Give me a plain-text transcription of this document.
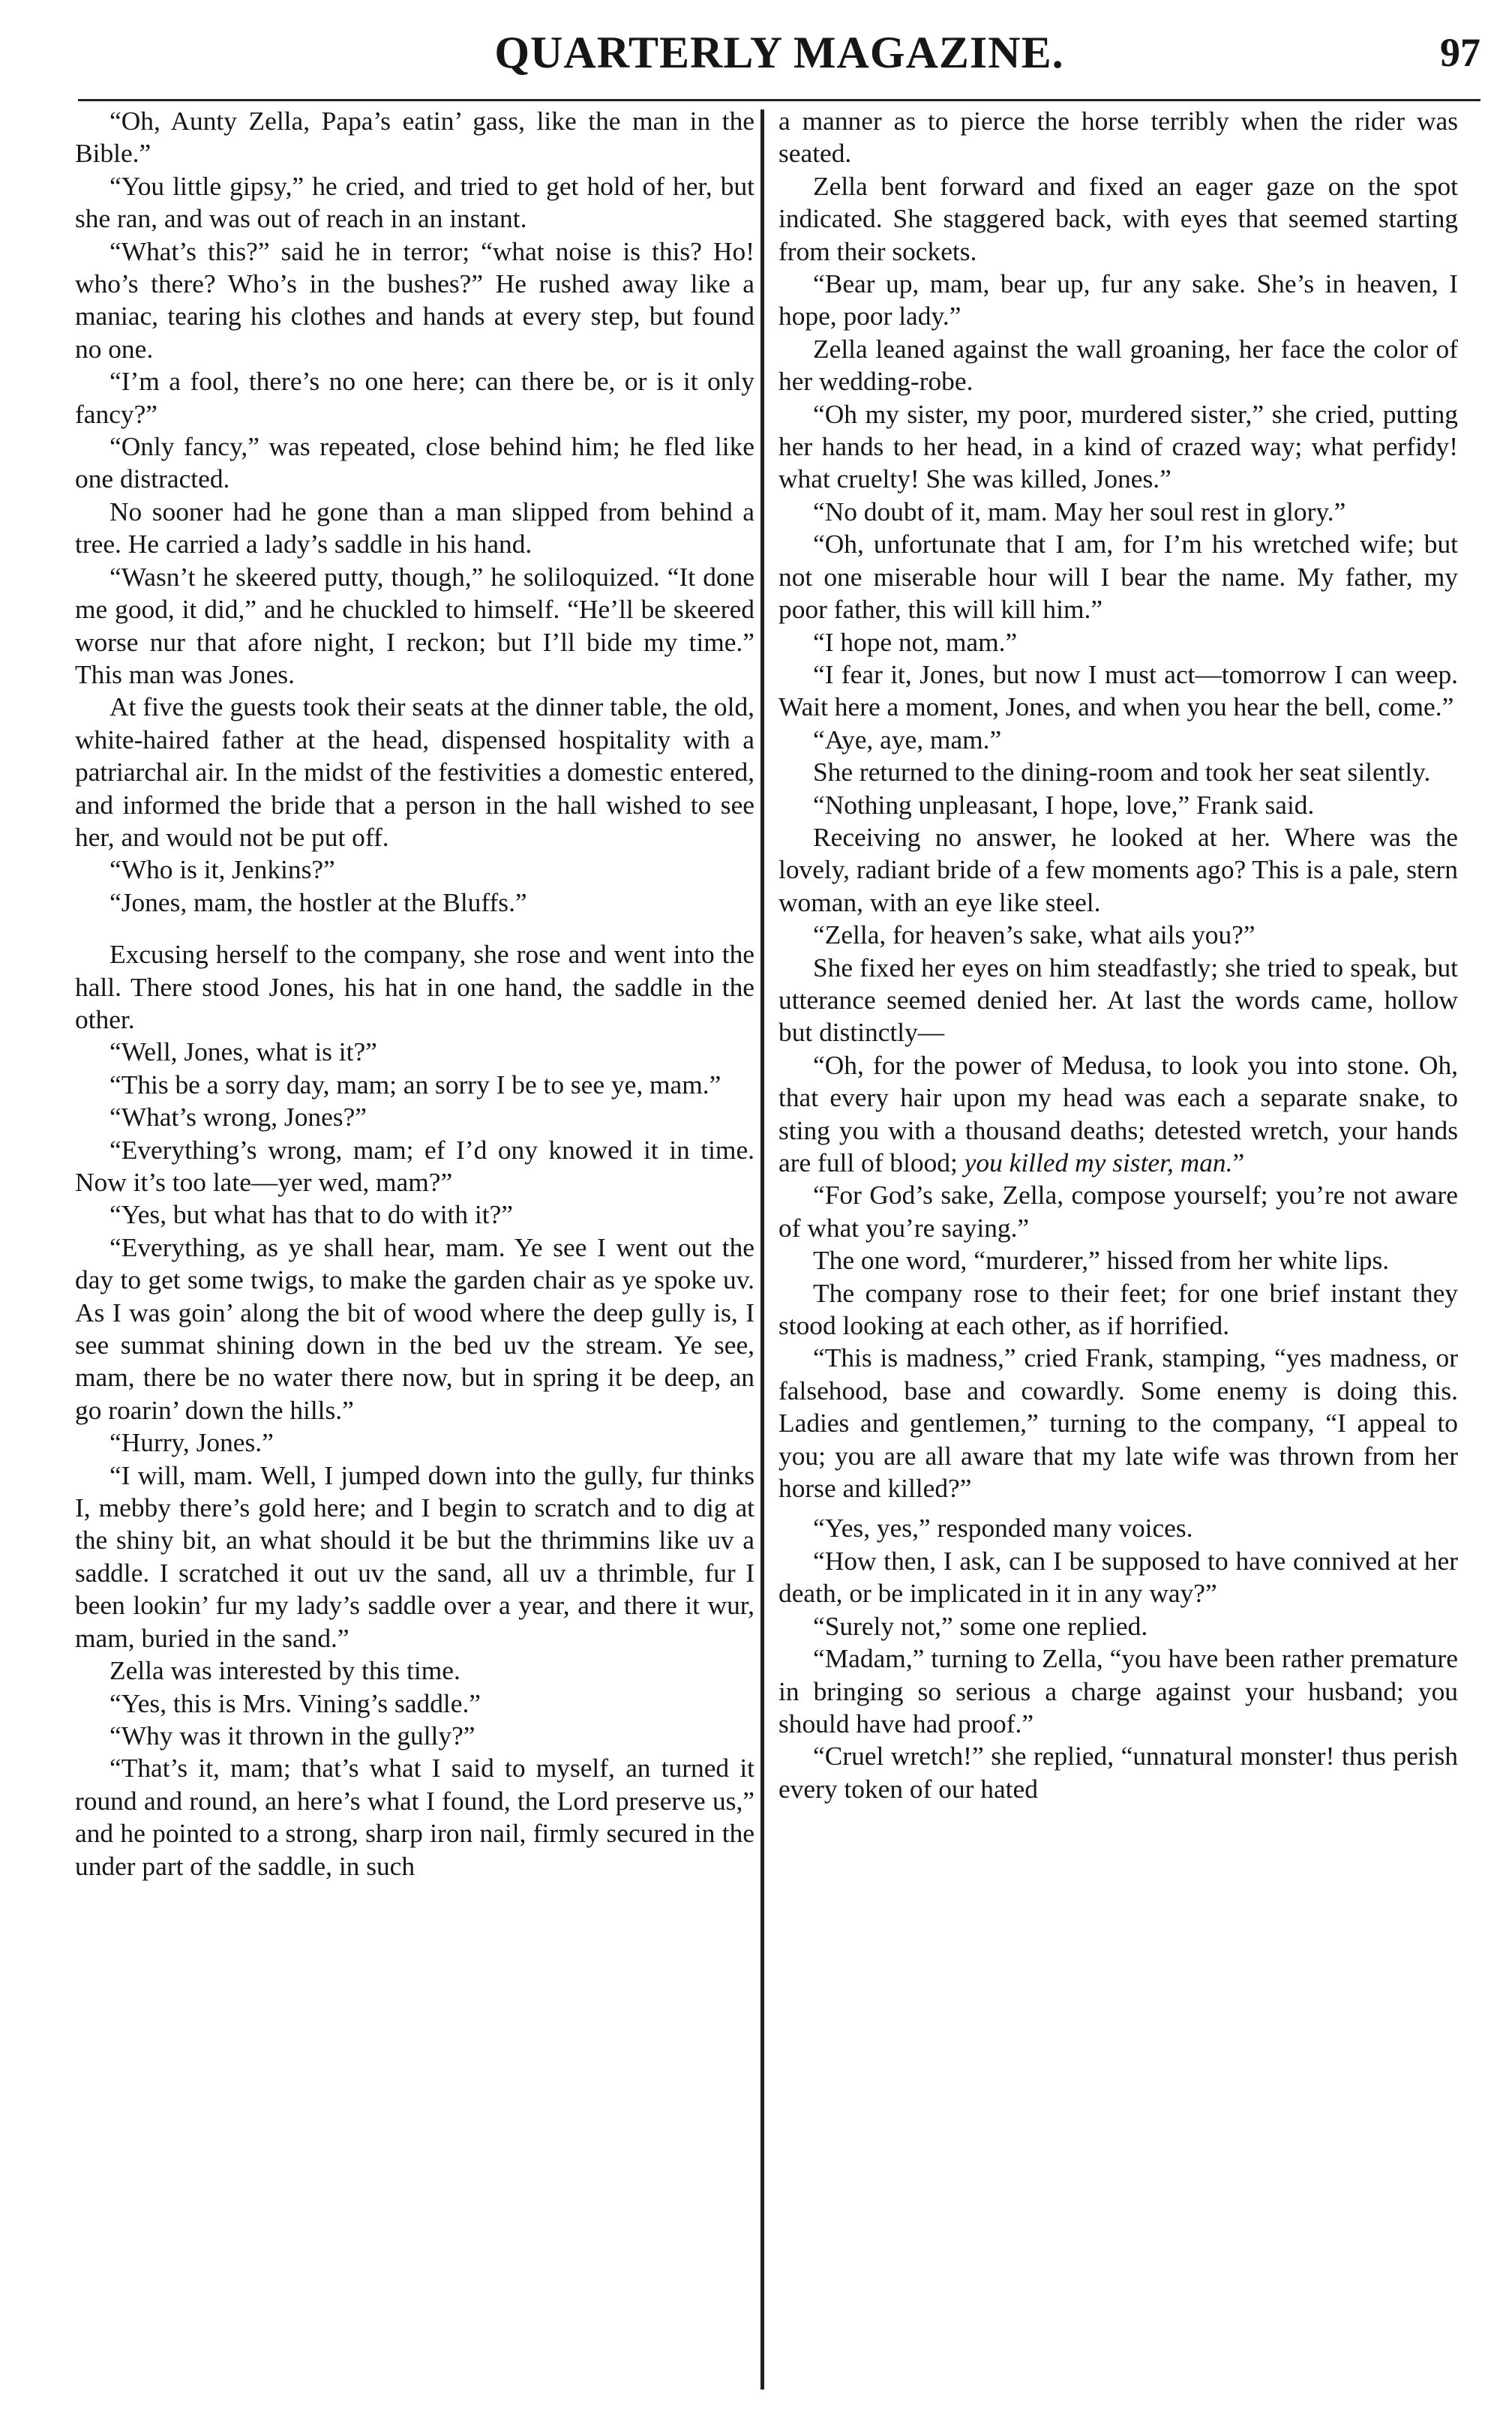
QUARTERLY MAGAZINE.	97

“Oh, Aunty Zella, Papa’s eatin’ gass, like the man in the Bible.”

“You little gipsy,” he cried, and tried to get hold of her, but she ran, and was out of reach in an instant.

“What’s this?” said he in terror; “what noise is this? Ho! who’s there? Who’s in the bushes?” He rushed away like a maniac, tearing his clothes and hands at every step, but found no one.

“I’m a fool, there’s no one here; can there be, or is it only fancy?”

“Only fancy,” was repeated, close behind him; he fled like one distracted.

No sooner had he gone than a man slipped from behind a tree. He carried a lady’s saddle in his hand.

“Wasn’t he skeered putty, though,” he soliloquized. “It done me good, it did,” and he chuckled to himself. “He’ll be skeered worse nur that afore night, I reckon; but I’ll bide my time.” This man was Jones.

At five the guests took their seats at the dinner table, the old, white-haired father at the head, dispensed hospitality with a patriarchal air. In the midst of the festivities a domestic entered, and informed the bride that a person in the hall wished to see her, and would not be put off.

“Who is it, Jenkins?”

“Jones, mam, the hostler at the Bluffs.”

Excusing herself to the company, she rose and went into the hall. There stood Jones, his hat in one hand, the saddle in the other.

“Well, Jones, what is it?”

“This be a sorry day, mam; an sorry I be to see ye, mam.”

“What’s wrong, Jones?”

“Everything’s wrong, mam; ef I’d ony knowed it in time. Now it’s too late—yer wed, mam?”

“Yes, but what has that to do with it?”

“Everything, as ye shall hear, mam. Ye see I went out the day to get some twigs, to make the garden chair as ye spoke uv. As I was goin’ along the bit of wood where the deep gully is, I see summat shining down in the bed uv the stream. Ye see, mam, there be no water there now, but in spring it be deep, an go roarin’ down the hills.”

“Hurry, Jones.”

“I will, mam. Well, I jumped down into the gully, fur thinks I, mebby there’s gold here; and I begin to scratch and to dig at the shiny bit, an what should it be but the thrimmins like uv a saddle. I scratched it out uv the sand, all uv a thrimble, fur I been lookin’ fur my lady’s saddle over a year, and there it wur, mam, buried in the sand.”

Zella was interested by this time.

“Yes, this is Mrs. Vining’s saddle.”

“Why was it thrown in the gully?”

“That’s it, mam; that’s what I said to myself, an turned it round and round, an here’s what I found, the Lord preserve us,” and he pointed to a strong, sharp iron nail, firmly secured in the under part of the saddle, in such

a manner as to pierce the horse terribly when the rider was seated.

Zella bent forward and fixed an eager gaze on the spot indicated. She staggered back, with eyes that seemed starting from their sockets.

“Bear up, mam, bear up, fur any sake. She’s in heaven, I hope, poor lady.”

Zella leaned against the wall groaning, her face the color of her wedding-robe.

“Oh my sister, my poor, murdered sister,” she cried, putting her hands to her head, in a kind of crazed way; what perfidy! what cruelty! She was killed, Jones.”

“No doubt of it, mam. May her soul rest in glory.”

“Oh, unfortunate that I am, for I’m his wretched wife; but not one miserable hour will I bear the name. My father, my poor father, this will kill him.”

“I hope not, mam.”

“I fear it, Jones, but now I must act—tomorrow I can weep. Wait here a moment, Jones, and when you hear the bell, come.”

“Aye, aye, mam.”

She returned to the dining-room and took her seat silently.

“Nothing unpleasant, I hope, love,” Frank said.

Receiving no answer, he looked at her. Where was the lovely, radiant bride of a few moments ago? This is a pale, stern woman, with an eye like steel.

“Zella, for heaven’s sake, what ails you?”

She fixed her eyes on him steadfastly; she tried to speak, but utterance seemed denied her. At last the words came, hollow but distinctly—

“Oh, for the power of Medusa, to look you into stone. Oh, that every hair upon my head was each a separate snake, to sting you with a thousand deaths; detested wretch, your hands are full of blood; you killed my sister, man.”

“For God’s sake, Zella, compose yourself; you’re not aware of what you’re saying.”

The one word, “murderer,” hissed from her white lips.

The company rose to their feet; for one brief instant they stood looking at each other, as if horrified.

“This is madness,” cried Frank, stamping, “yes madness, or falsehood, base and cowardly. Some enemy is doing this. Ladies and gentlemen,” turning to the company, “I appeal to you; you are all aware that my late wife was thrown from her horse and killed?”

“Yes, yes,” responded many voices.

“How then, I ask, can I be supposed to have connived at her death, or be implicated in it in any way?”

“Surely not,” some one replied.

“Madam,” turning to Zella, “you have been rather premature in bringing so serious a charge against your husband; you should have had proof.”

“Cruel wretch!” she replied, “unnatural monster! thus perish every token of our hated
